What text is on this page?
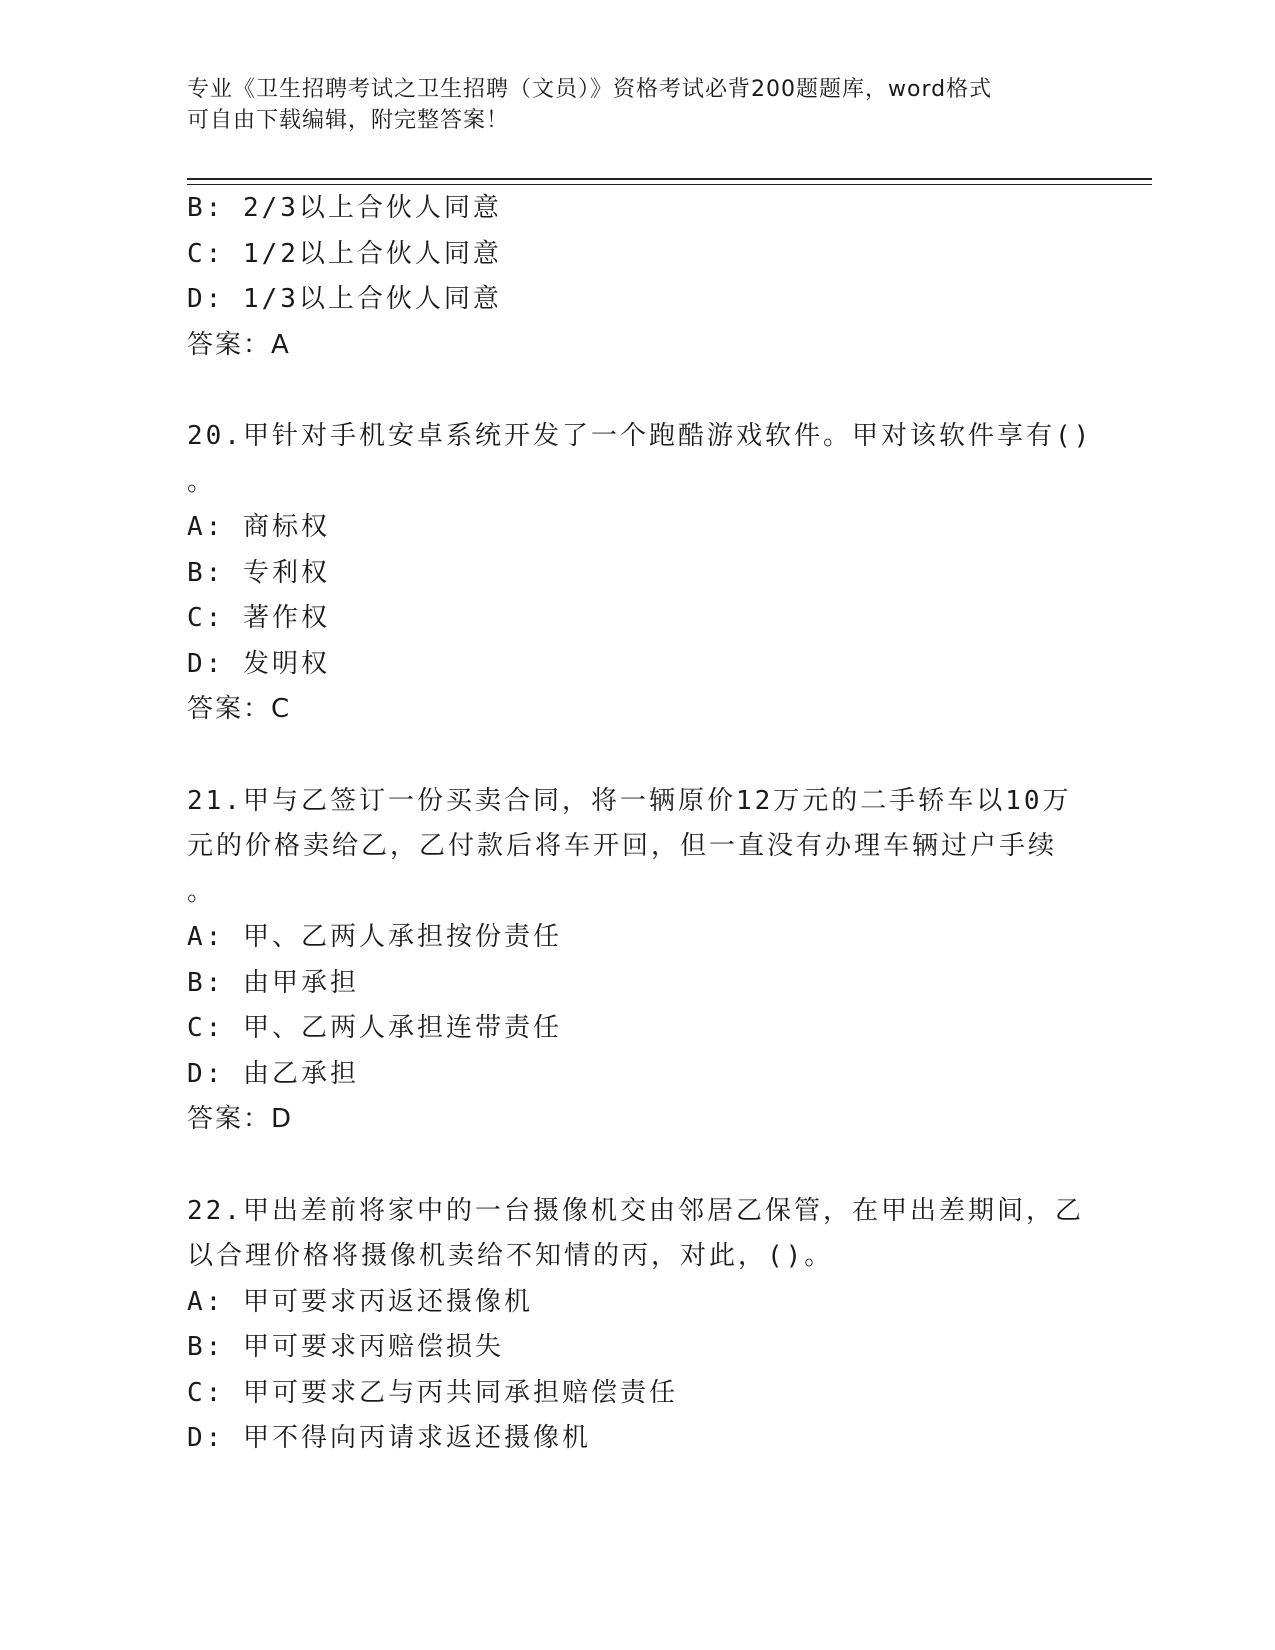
专业《卫生招聘考试之卫生招聘（文员）》资格考试必背200题题库，word格式
可自由下载编辑，附完整答案！
B: 2/3以上合伙人同意
C: 1/2以上合伙人同意
D: 1/3以上合伙人同意
答案：A
20.甲针对手机安卓系统开发了一个跑酷游戏软件。甲对该软件享有()
。
A: 商标权
B: 专利权
C: 著作权
D: 发明权
答案：C
21.甲与乙签订一份买卖合同，将一辆原价12万元的二手轿车以10万
元的价格卖给乙，乙付款后将车开回，但一直没有办理车辆过户手续
。
A: 甲、乙两人承担按份责任
B: 由甲承担
C: 甲、乙两人承担连带责任
D: 由乙承担
答案：D
22.甲出差前将家中的一台摄像机交由邻居乙保管，在甲出差期间，乙
以合理价格将摄像机卖给不知情的丙，对此，()。
A: 甲可要求丙返还摄像机
B: 甲可要求丙赔偿损失
C: 甲可要求乙与丙共同承担赔偿责任
D: 甲不得向丙请求返还摄像机
